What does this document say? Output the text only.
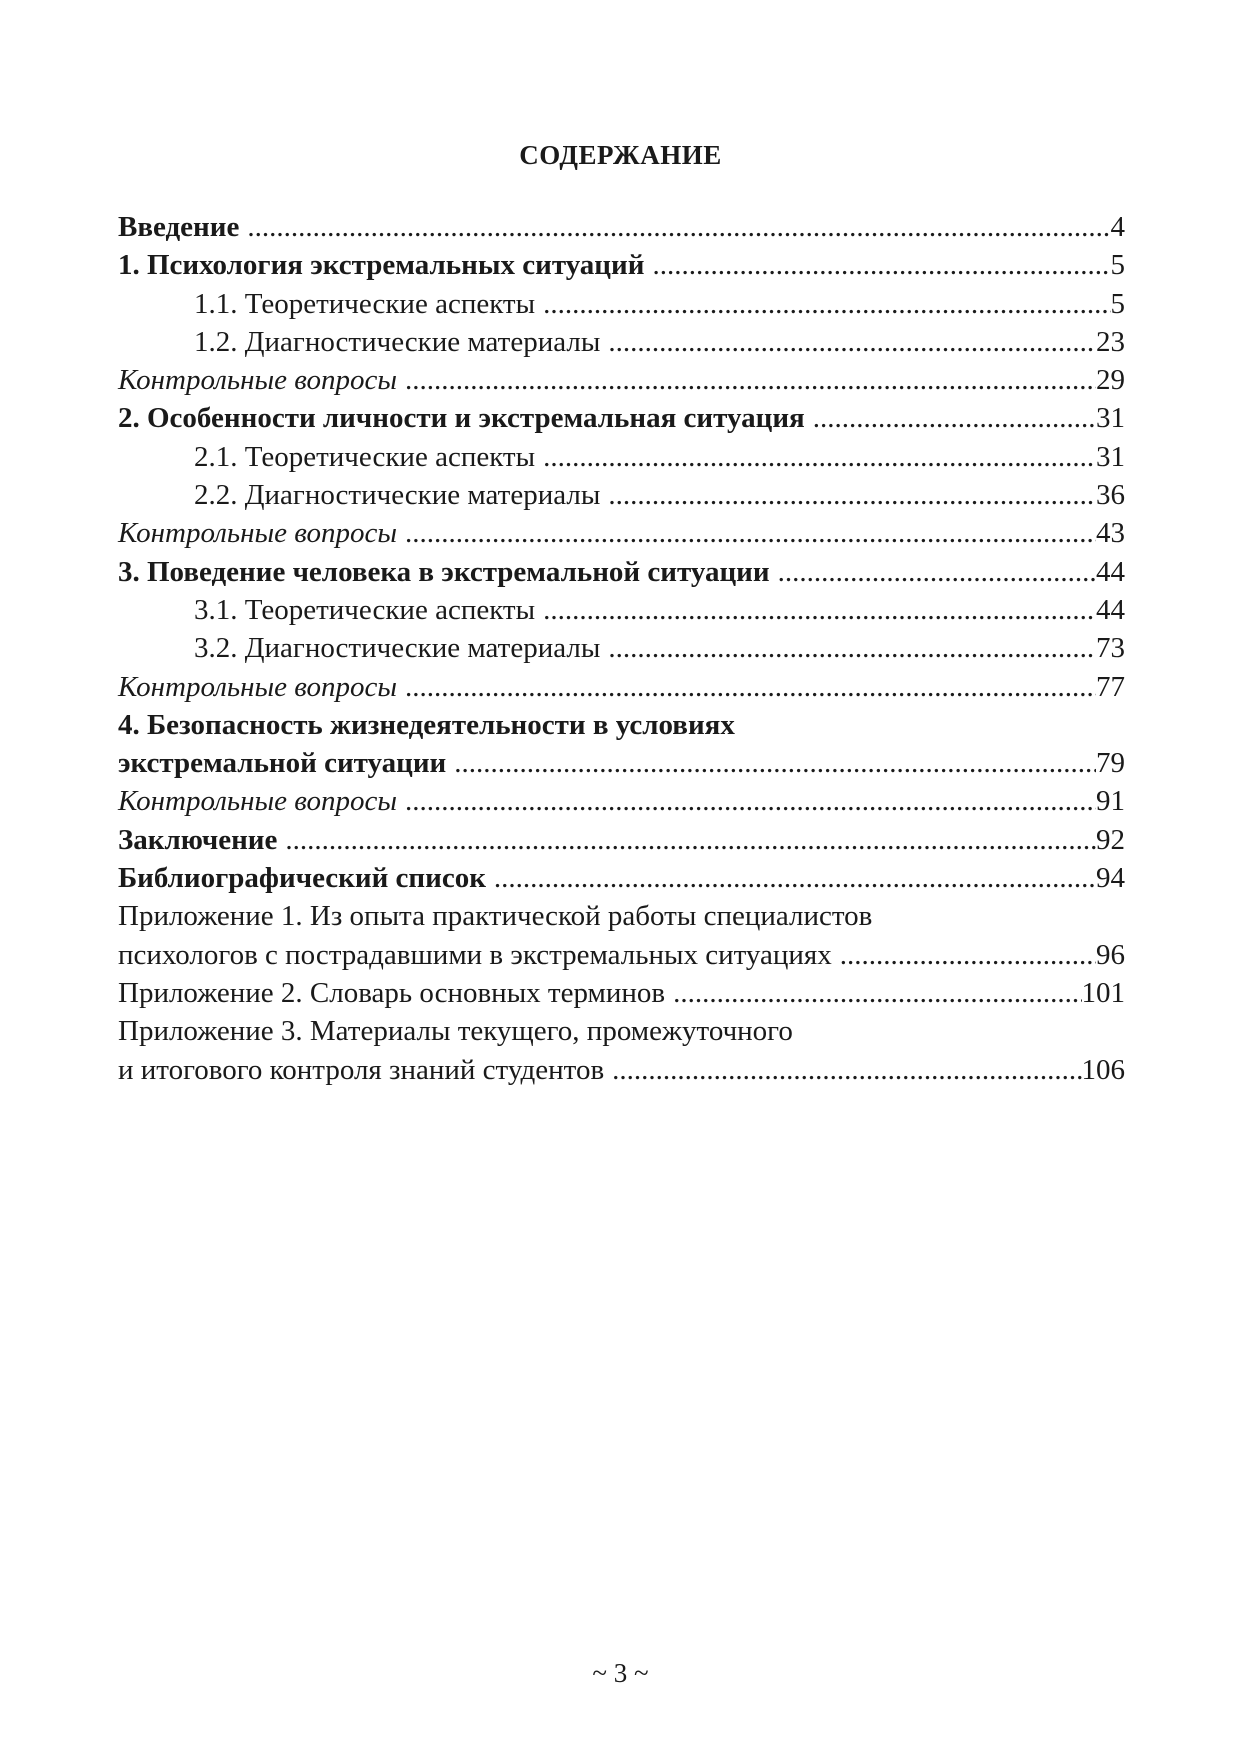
СОДЕРЖАНИЕ
Введение .....	4
1. Психология экстремальных ситуаций .....	5
1.1. Теоретические аспекты .....	5
1.2. Диагностические материалы .....	23
Контрольные вопросы .....	29
2. Особенности личности и экстремальная ситуация .....	31
2.1. Теоретические аспекты .....	31
2.2. Диагностические материалы .....	36
Контрольные вопросы .....	43
3. Поведение человека в экстремальной ситуации .....	44
3.1. Теоретические аспекты .....	44
3.2. Диагностические материалы .....	73
Контрольные вопросы .....	77
4. Безопасность жизнедеятельности в условиях
экстремальной ситуации .....	79
Контрольные вопросы .....	91
Заключение .....	92
Библиографический список .....	94
Приложение 1. Из опыта практической работы специалистов
психологов с пострадавшими в экстремальных ситуациях .....	96
Приложение 2. Словарь основных терминов .....	101
Приложение 3. Материалы текущего, промежуточного
и итогового контроля знаний студентов .....	106
~ 3 ~
